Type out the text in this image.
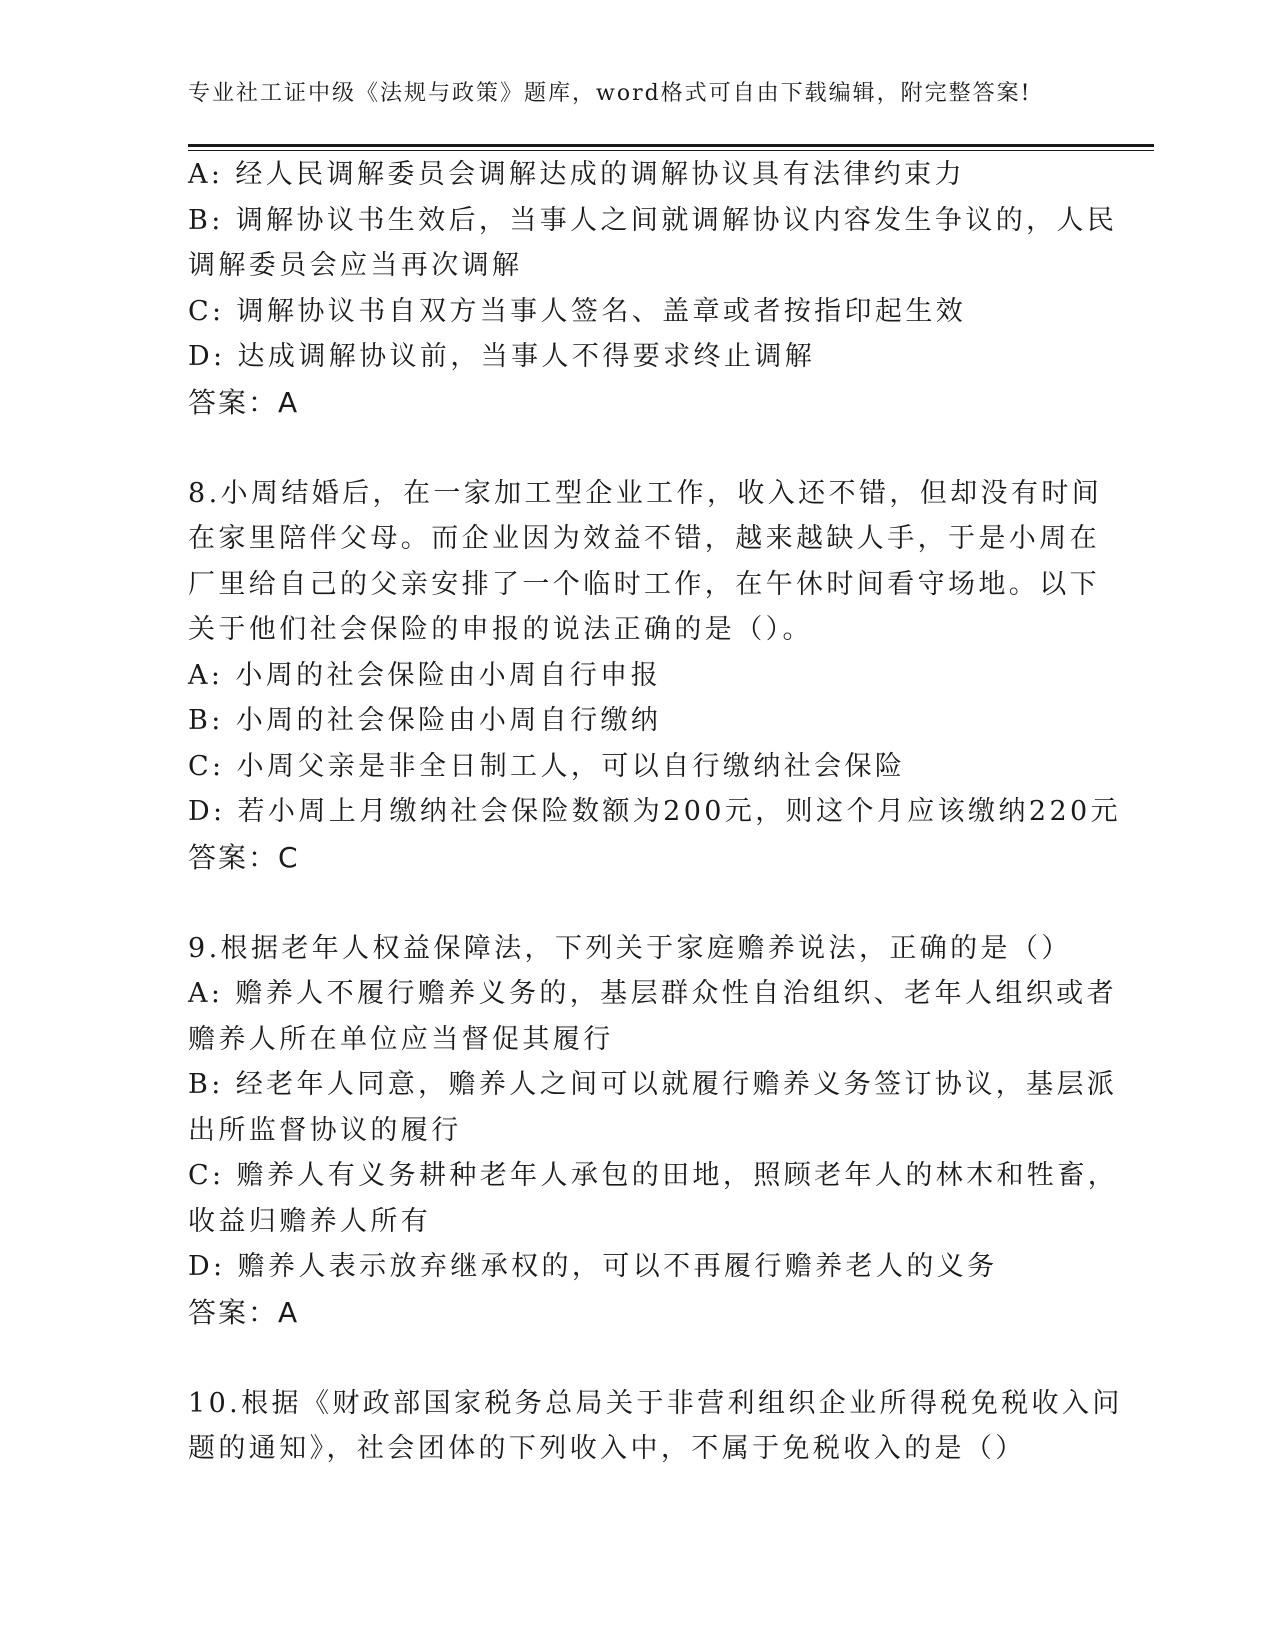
专业社工证中级《法规与政策》题库，word格式可自由下载编辑，附完整答案!
A: 经人民调解委员会调解达成的调解协议具有法律约束力
B: 调解协议书生效后，当事人之间就调解协议内容发生争议的，人民
调解委员会应当再次调解
C: 调解协议书自双方当事人签名、盖章或者按指印起生效
D: 达成调解协议前，当事人不得要求终止调解
答案：A
8.小周结婚后，在一家加工型企业工作，收入还不错，但却没有时间
在家里陪伴父母。而企业因为效益不错，越来越缺人手，于是小周在
厂里给自己的父亲安排了一个临时工作，在午休时间看守场地。以下
关于他们社会保险的申报的说法正确的是（）。
A: 小周的社会保险由小周自行申报
B: 小周的社会保险由小周自行缴纳
C: 小周父亲是非全日制工人，可以自行缴纳社会保险
D: 若小周上月缴纳社会保险数额为200元，则这个月应该缴纳220元
答案：C
9.根据老年人权益保障法，下列关于家庭赡养说法，正确的是（）
A: 赡养人不履行赡养义务的，基层群众性自治组织、老年人组织或者
赡养人所在单位应当督促其履行
B: 经老年人同意，赡养人之间可以就履行赡养义务签订协议，基层派
出所监督协议的履行
C: 赡养人有义务耕种老年人承包的田地，照顾老年人的林木和牲畜，
收益归赡养人所有
D: 赡养人表示放弃继承权的，可以不再履行赡养老人的义务
答案：A
10.根据《财政部国家税务总局关于非营利组织企业所得税免税收入问
题的通知》，社会团体的下列收入中，不属于免税收入的是（）
